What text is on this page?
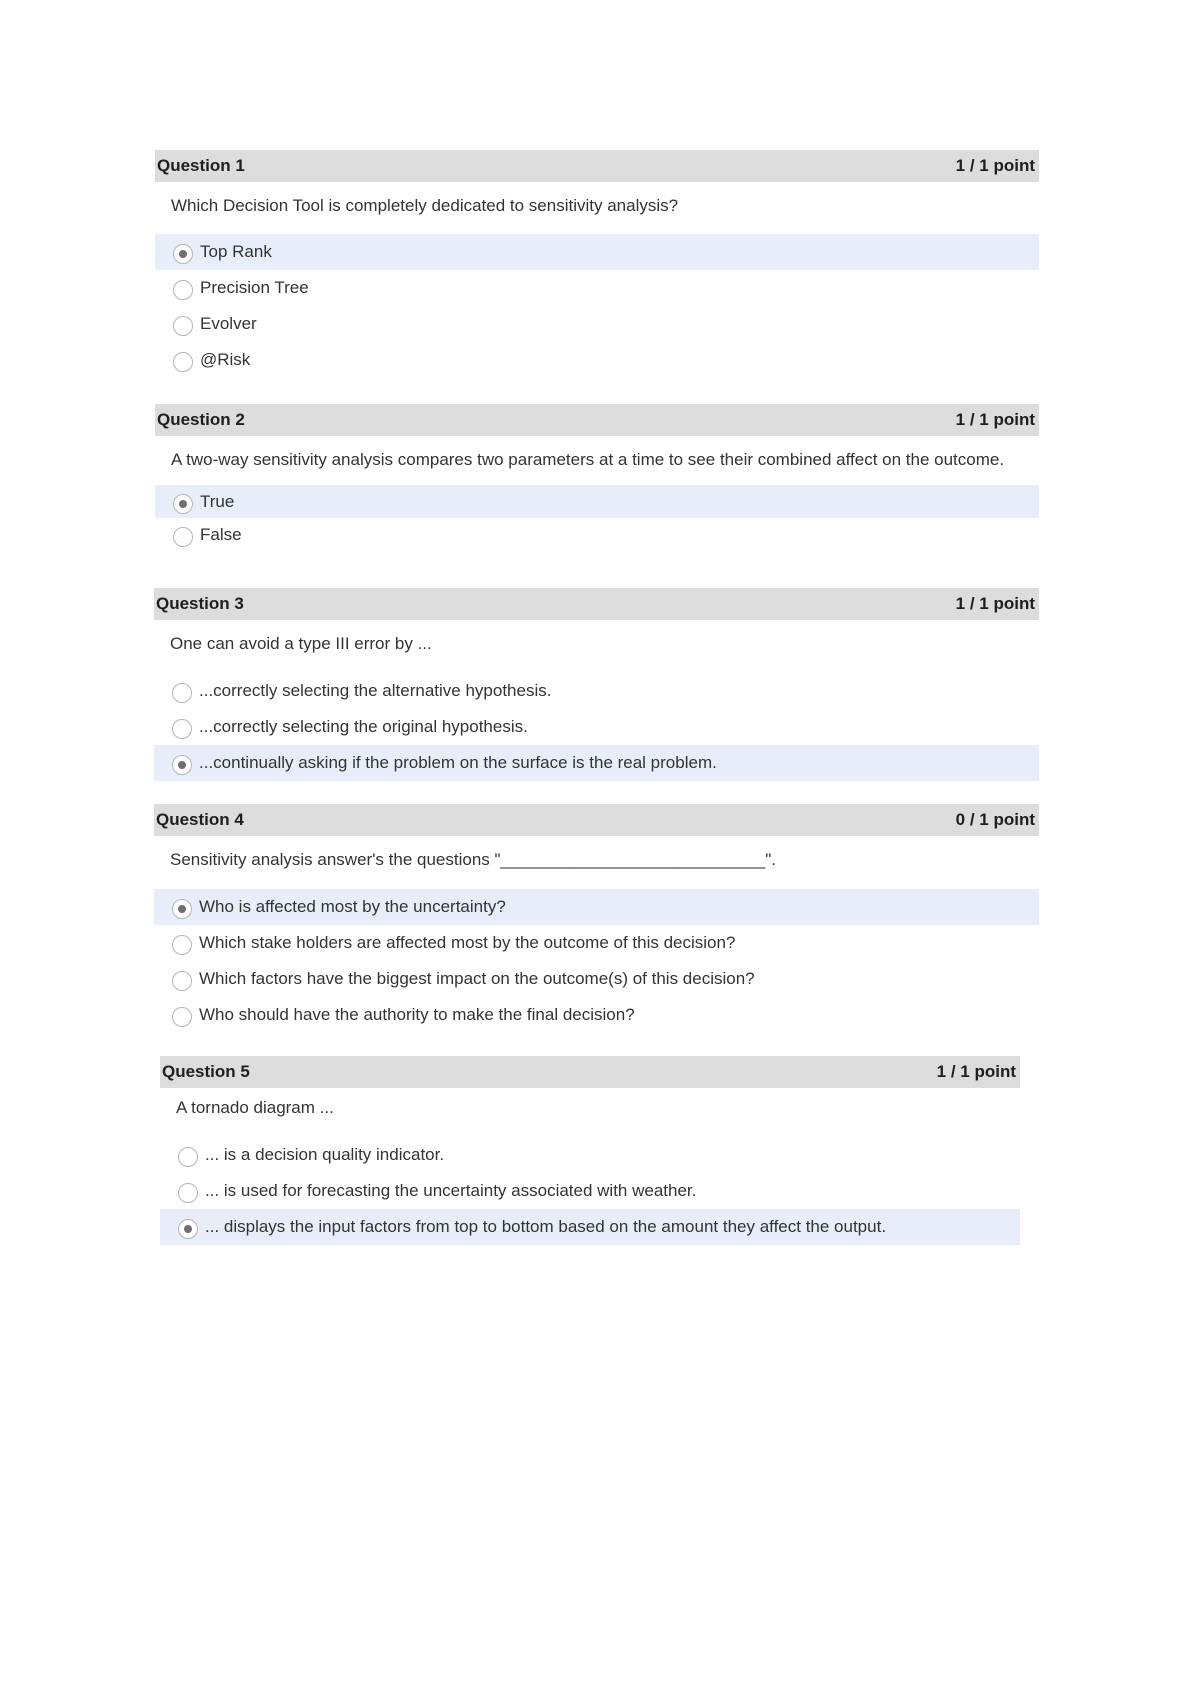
Question 1	1 / 1 point
Which Decision Tool is completely dedicated to sensitivity analysis?
Top Rank
Precision Tree
Evolver
@Risk
Question 2	1 / 1 point
A two-way sensitivity analysis compares two parameters at a time to see their combined affect on the outcome.
True
False
Question 3	1 / 1 point
One can avoid a type III error by ...
...correctly selecting the alternative hypothesis.
...correctly selecting the original hypothesis.
...continually asking if the problem on the surface is the real problem.
Question 4	0 / 1 point
Sensitivity analysis answer's the questions "____________________________".
Who is affected most by the uncertainty?
Which stake holders are affected most by the outcome of this decision?
Which factors have the biggest impact on the outcome(s) of this decision?
Who should have the authority to make the final decision?
Question 5	1 / 1 point
A tornado diagram ...
... is a decision quality indicator.
... is used for forecasting the uncertainty associated with weather.
... displays the input factors from top to bottom based on the amount they affect the output.
